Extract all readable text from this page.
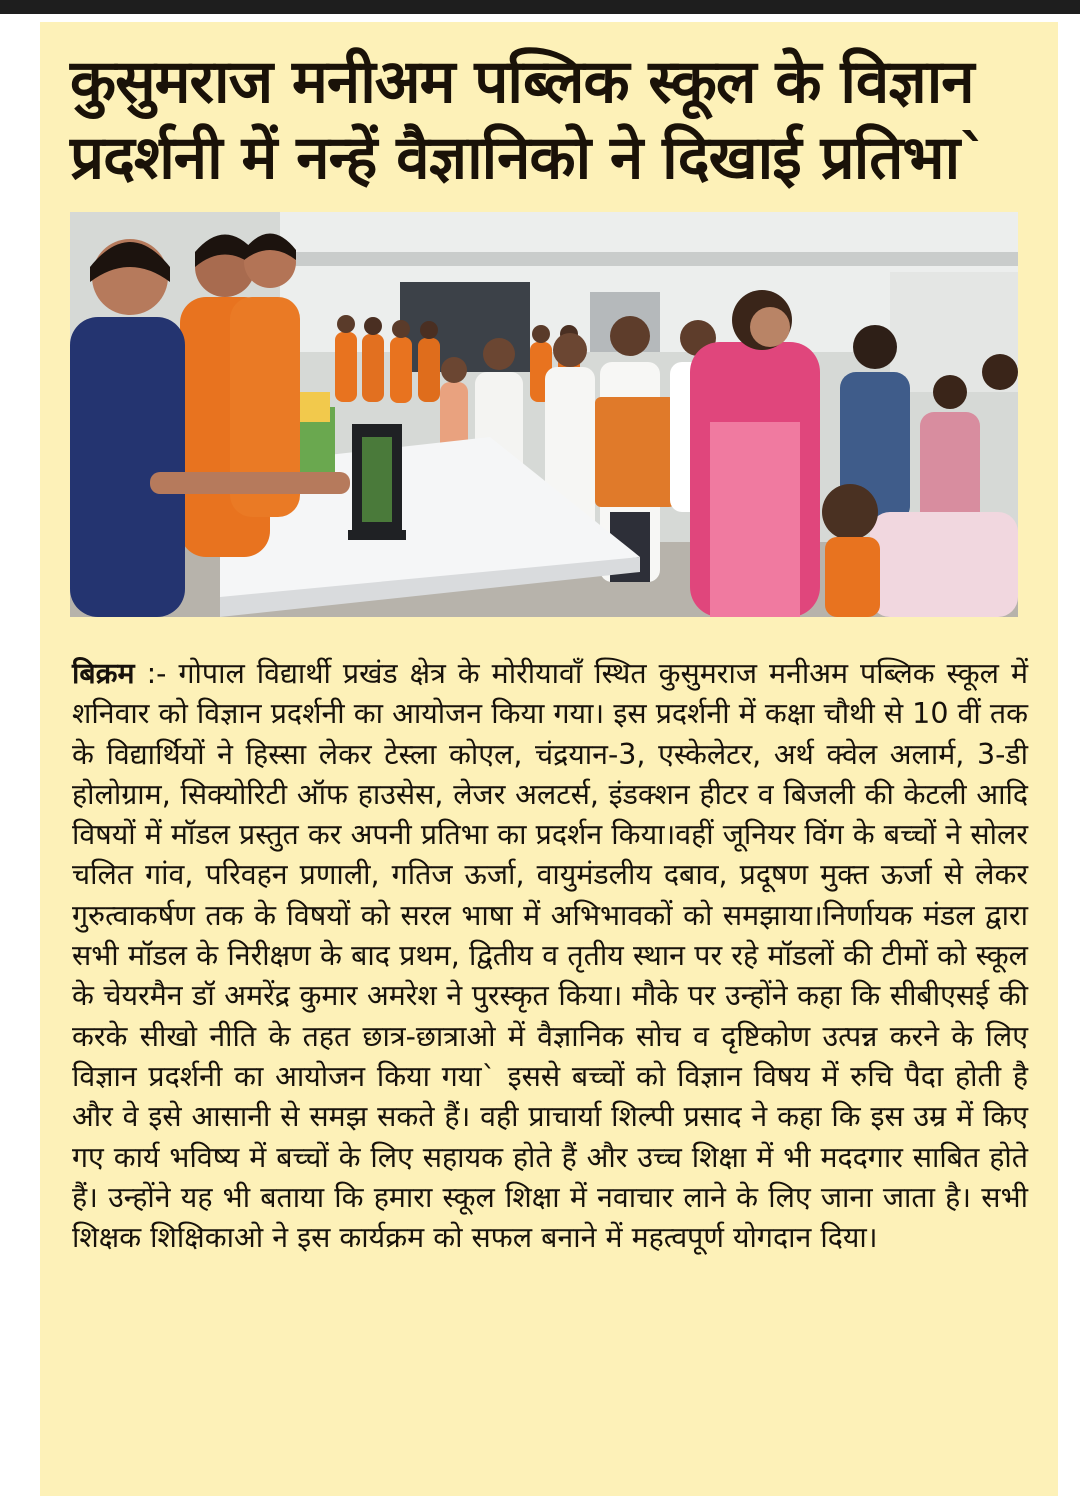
कुसुमराज मनीअम पब्लिक स्कूल के विज्ञान
प्रदर्शनी में नन्हें वैज्ञानिको ने दिखाई प्रतिभा`

बिक्रम :- गोपाल विद्यार्थी प्रखंड क्षेत्र के मोरीयावाँ स्थित कुसुमराज मनीअम पब्लिक स्कूल में शनिवार को विज्ञान प्रदर्शनी का आयोजन किया गया। इस प्रदर्शनी में कक्षा चौथी से 10 वीं तक के विद्यार्थियों ने हिस्सा लेकर टेस्ला कोएल, चंद्रयान-3, एस्केलेटर, अर्थ क्वेल अलार्म, 3-डी होलोग्राम, सिक्योरिटी ऑफ हाउसेस, लेजर अलटर्स, इंडक्शन हीटर व बिजली की केटली आदि विषयों में मॉडल प्रस्तुत कर अपनी प्रतिभा का प्रदर्शन किया।वहीं जूनियर विंग के बच्चों ने सोलर चलित गांव, परिवहन प्रणाली, गतिज ऊर्जा, वायुमंडलीय दबाव, प्रदूषण मुक्त ऊर्जा से लेकर गुरुत्वाकर्षण तक के विषयों को सरल भाषा में अभिभावकों को समझाया।निर्णायक मंडल द्वारा सभी मॉडल के निरीक्षण के बाद प्रथम, द्वितीय व तृतीय स्थान पर रहे मॉडलों की टीमों को स्कूल के चेयरमैन डॉ अमरेंद्र कुमार अमरेश ने पुरस्कृत किया। मौके पर उन्होंने कहा कि सीबीएसई की करके सीखो नीति के तहत छात्र-छात्राओ में वैज्ञानिक सोच व दृष्टिकोण उत्पन्न करने के लिए विज्ञान प्रदर्शनी का आयोजन किया गया` इससे बच्चों को विज्ञान विषय में रुचि पैदा होती है और वे इसे आसानी से समझ सकते हैं। वही प्राचार्या शिल्पी प्रसाद ने कहा कि इस उम्र में किए गए कार्य भविष्य में बच्चों के लिए सहायक होते हैं और उच्च शिक्षा में भी मददगार साबित होते हैं। उन्होंने यह भी बताया कि हमारा स्कूल शिक्षा में नवाचार लाने के लिए जाना जाता है। सभी शिक्षक शिक्षिकाओ ने इस कार्यक्रम को सफल बनाने में महत्वपूर्ण योगदान दिया।
